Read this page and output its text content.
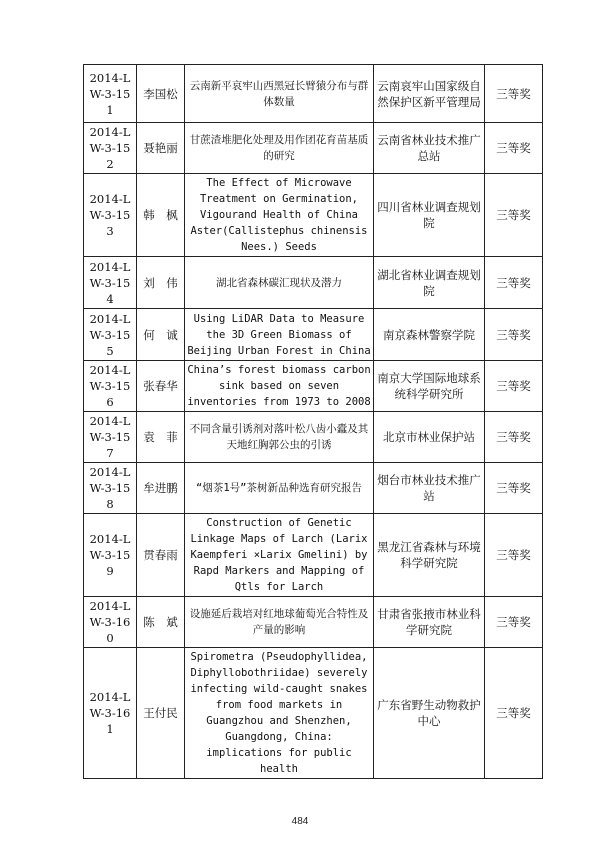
2014-LW-3-151	李国松	云南新平哀牢山西黑冠长臂猿分布与群体数量	云南哀牢山国家级自然保护区新平管理局	三等奖
2014-LW-3-152	聂艳丽	甘蔗渣堆肥化处理及用作团花育苗基质的研究	云南省林业技术推广总站	三等奖
2014-LW-3-153	韩　枫	The Effect of Microwave Treatment on Germination, Vigourand Health of China Aster(Callistephus chinensis Nees.) Seeds	四川省林业调查规划院	三等奖
2014-LW-3-154	刘　伟	湖北省森林碳汇现状及潜力	湖北省林业调查规划院	三等奖
2014-LW-3-155	何　诚	Using LiDAR Data to Measure the 3D Green Biomass of Beijing Urban Forest in China	南京森林警察学院	三等奖
2014-LW-3-156	张春华	China’s forest biomass carbon sink based on seven inventories from 1973 to 2008	南京大学国际地球系统科学研究所	三等奖
2014-LW-3-157	袁　菲	不同含量引诱剂对落叶松八齿小蠹及其天地红胸郭公虫的引诱	北京市林业保护站	三等奖
2014-LW-3-158	牟进鹏	“烟茶1号”茶树新品种选育研究报告	烟台市林业技术推广站	三等奖
2014-LW-3-159	贯春雨	Construction of Genetic Linkage Maps of Larch (Larix Kaempferi ×Larix Gmelini) by Rapd Markers and Mapping of Qtls for Larch	黑龙江省森林与环境科学研究院	三等奖
2014-LW-3-160	陈　斌	设施延后栽培对红地球葡萄光合特性及产量的影响	甘肃省张掖市林业科学研究院	三等奖
2014-LW-3-161	王付民	Spirometra (Pseudophyllidea, Diphyllobothriidae) severely infecting wild-caught snakes from food markets in Guangzhou and Shenzhen, Guangdong, China: implications for public health	广东省野生动物救护中心	三等奖
484
